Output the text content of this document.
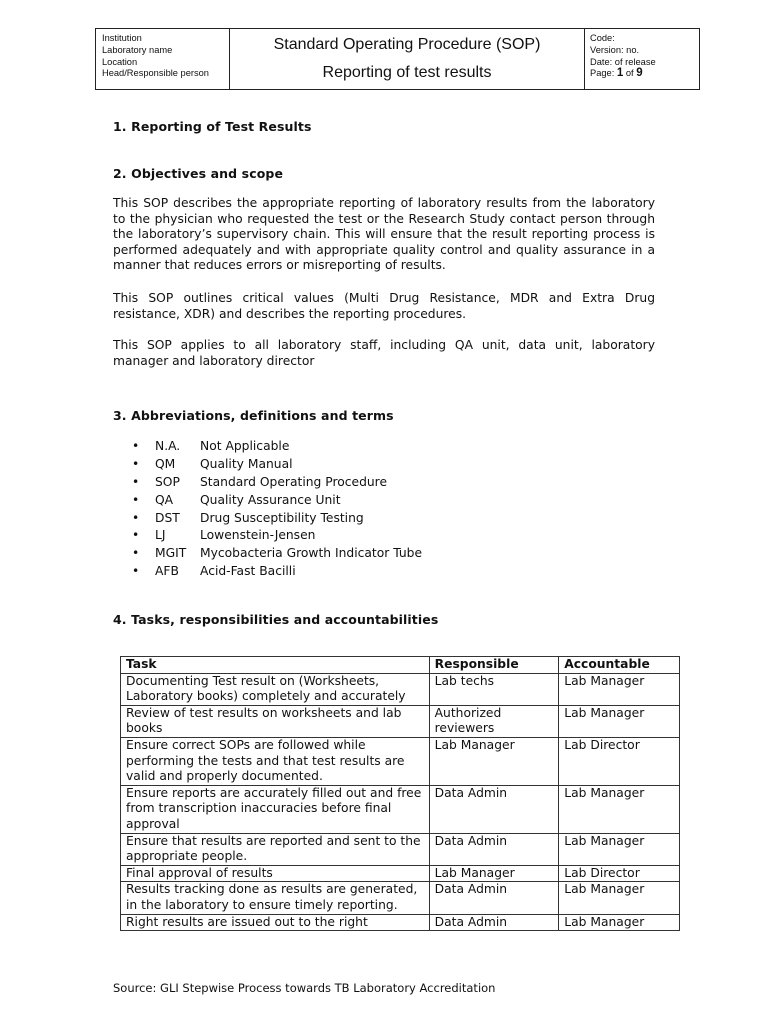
Institution
Laboratory name
Location
Head/Responsible person
Standard Operating Procedure (SOP)
Reporting of test results
Code:
Version: no.
Date: of release
Page: 1 of 9
1. Reporting of Test Results
2. Objectives and scope

This SOP describes the appropriate reporting of laboratory results from the laboratory to the physician who requested the test or the Research Study contact person through the laboratory’s supervisory chain. This will ensure that the result reporting process is performed adequately and with appropriate quality control and quality assurance in a manner that reduces errors or misreporting of results.

This SOP outlines critical values (Multi Drug Resistance, MDR and Extra Drug resistance, XDR) and describes the reporting procedures.

This SOP applies to all laboratory staff, including QA unit, data unit, laboratory manager and laboratory director

3. Abbreviations, definitions and terms
•	N.A.	Not Applicable
•	QM	Quality Manual
•	SOP	Standard Operating Procedure
•	QA	Quality Assurance Unit
•	DST	Drug Susceptibility Testing
•	LJ	Lowenstein-Jensen
•	MGIT	Mycobacteria Growth Indicator Tube
•	AFB	Acid-Fast Bacilli
4. Tasks, responsibilities and accountabilities
Task	Responsible	Accountable
Documenting Test result on (Worksheets, Laboratory books) completely and accurately	Lab techs	Lab Manager
Review of test results on worksheets and lab books	Authorized reviewers	Lab Manager
Ensure correct SOPs are followed while performing the tests and that test results are valid and properly documented.	Lab Manager	Lab Director
Ensure reports are accurately filled out and free from transcription inaccuracies before final approval	Data Admin	Lab Manager
Ensure that results are reported and sent to the appropriate people.	Data Admin	Lab Manager
Final approval of results	Lab Manager	Lab Director
Results tracking done as results are generated, in the laboratory to ensure timely reporting.	Data Admin	Lab Manager
Right results are issued out to the right	Data Admin	Lab Manager
Source: GLI Stepwise Process towards TB Laboratory Accreditation
